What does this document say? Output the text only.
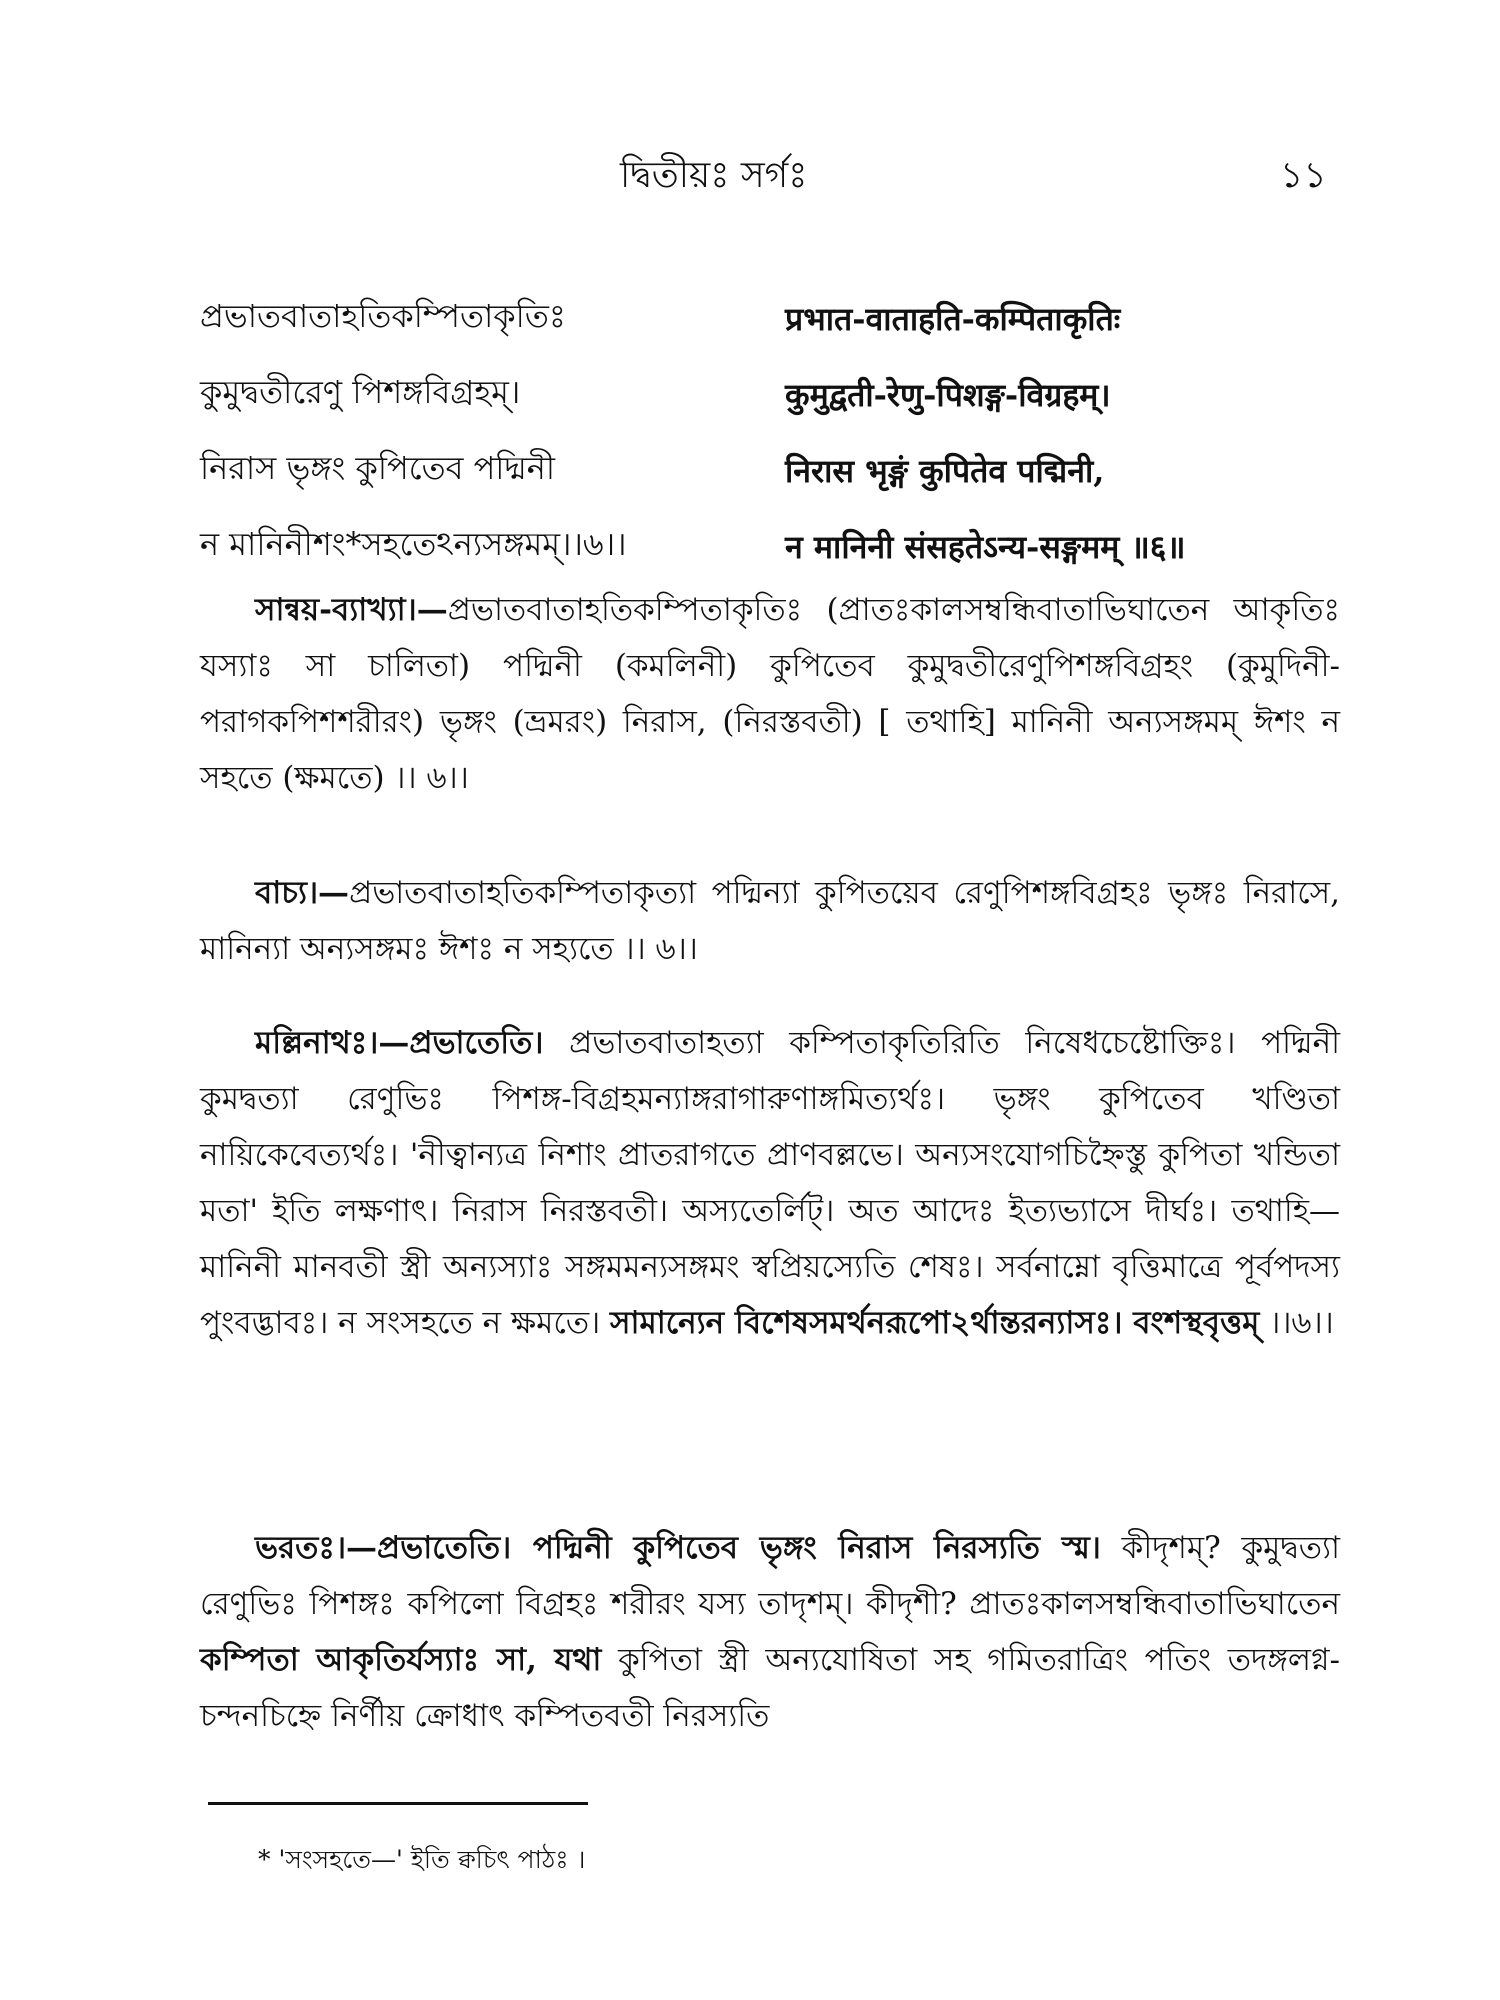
দ্বিতীয়ঃ সর্গঃ	১১
প্রভাতবাতাহতিকম্পিতাকৃতিঃ	प्रभात-वाताहति-कम्पिताकृतिः
কুমুদ্বতীরেণু পিশঙ্গবিগ্রহম্।	कुमुद्वती-रेणु-पिशङ्ग-विग्रहम्।
নিরাস ভৃঙ্গং কুপিতেব পদ্মিনী	निरास भृङ्गं कुपितेव पद्मिनी,
ন মানিনীশং*সহতেঽন্যসঙ্গমম্।।৬।।	न मानिनी संसहतेऽन्य-सङ्गमम् ॥६॥

সান্বয়-ব্যাখ্যা।—প্রভাতবাতাহতিকম্পিতাকৃতিঃ (প্রাতঃকালসম্বন্ধিবাতাভিঘাতেন আকৃতিঃ যস্যাঃ সা চালিতা) পদ্মিনী (কমলিনী) কুপিতেব কুমুদ্বতীরেণুপিশঙ্গবিগ্রহং (কুমুদিনী-পরাগকপিশশরীরং) ভৃঙ্গং (ভ্রমরং) নিরাস, (নিরস্তবতী) [ তথাহি] মানিনী অন্যসঙ্গমম্ ঈশং ন সহতে (ক্ষমতে) ।। ৬।।

বাচ্য।—প্রভাতবাতাহতিকম্পিতাকৃত্যা পদ্মিন্যা কুপিতয়েব রেণুপিশঙ্গবিগ্রহঃ ভৃঙ্গঃ নিরাসে, মানিন্যা অন্যসঙ্গমঃ ঈশঃ ন সহ্যতে ।। ৬।।

মল্লিনাথঃ।—প্রভাতেতি। প্রভাতবাতাহত্যা কম্পিতাকৃতিরিতি নিষেধচেষ্টোক্তিঃ। পদ্মিনী কুমদ্বত্যা রেণুভিঃ পিশঙ্গ-বিগ্রহমন্যাঙ্গরাগারুণাঙ্গমিত্যর্থঃ। ভৃঙ্গং কুপিতেব খণ্ডিতা নায়িকেবেত্যর্থঃ। 'নীত্বান্যত্র নিশাং প্রাতরাগতে প্রাণবল্লভে। অন্যসংযোগচিহ্নৈস্তু কুপিতা খন্ডিতা মতা' ইতি লক্ষণাৎ। নিরাস নিরস্তবতী। অস্যতের্লিট্। অত আদেঃ ইত্যভ্যাসে দীর্ঘঃ। তথাহি—মানিনী মানবতী স্ত্রী অন্যস্যাঃ সঙ্গমমন্যসঙ্গমং স্বপ্রিয়স্যেতি শেষঃ। সর্বনাম্নো বৃত্তিমাত্রে পূর্বপদস্য পুংবদ্ভাবঃ। ন সংসহতে ন ক্ষমতে। সামান্যেন বিশেষসমর্থনরূপো২র্থান্তরন্যাসঃ। বংশস্থবৃত্তম্ ।।৬।।

ভরতঃ।—প্রভাতেতি। পদ্মিনী কুপিতেব ভৃঙ্গং নিরাস নিরস্যতি স্ম। কীদৃশম্? কুমুদ্বত্যা রেণুভিঃ পিশঙ্গঃ কপিলো বিগ্রহঃ শরীরং যস্য তাদৃশম্। কীদৃশী? প্রাতঃকালসম্বন্ধিবাতাভিঘাতেন কম্পিতা আকৃতির্যস্যাঃ সা, যথা কুপিতা স্ত্রী অন্যযোষিতা সহ গমিতরাত্রিং পতিং তদঙ্গলগ্ন-চন্দনচিহ্নে নির্ণীয় ক্রোধাৎ কম্পিতবতী নিরস্যতি

* 'সংসহতে—' ইতি ক্বচিৎ পাঠঃ ।
